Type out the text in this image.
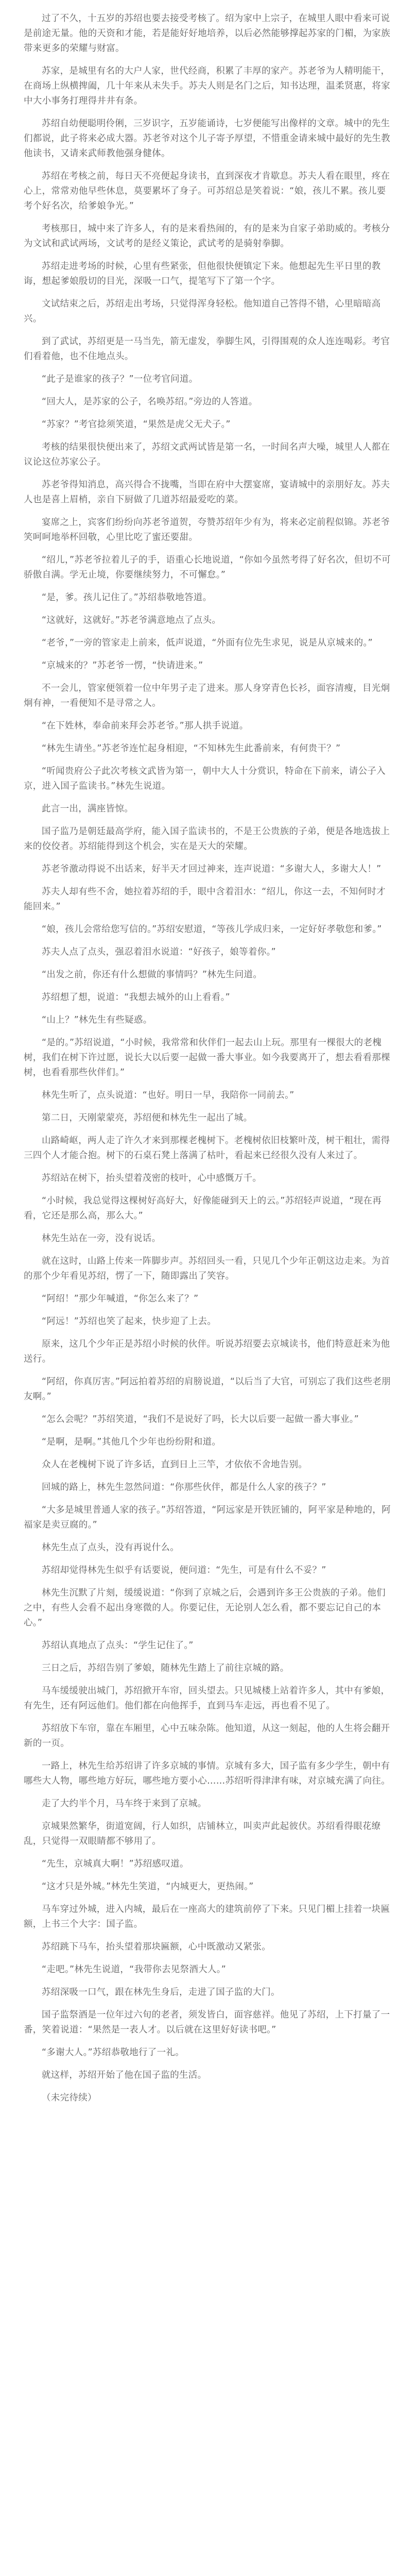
过了不久，十五岁的苏绍也要去接受考核了。绍为家中上宗子，在城里人眼中看来可说是前途无量。他的天资和才能，若是能好好地培养，以后必然能够撑起苏家的门楣，为家族带来更多的荣耀与财富。

苏家，是城里有名的大户人家，世代经商，积累了丰厚的家产。苏老爷为人精明能干，在商场上纵横捭阖，几十年来从未失手。苏夫人则是名门之后，知书达理，温柔贤惠，将家中大小事务打理得井井有条。

苏绍自幼便聪明伶俐，三岁识字，五岁能诵诗，七岁便能写出像样的文章。城中的先生们都说，此子将来必成大器。苏老爷对这个儿子寄予厚望，不惜重金请来城中最好的先生教他读书，又请来武师教他强身健体。

苏绍在考核之前，每日天不亮便起身读书，直到深夜才肯歇息。苏夫人看在眼里，疼在心上，常常劝他早些休息，莫要累坏了身子。可苏绍总是笑着说：“娘，孩儿不累。孩儿要考个好名次，给爹娘争光。”

考核那日，城中来了许多人，有的是来看热闹的，有的是来为自家子弟助威的。考核分为文试和武试两场，文试考的是经义策论，武试考的是骑射拳脚。

苏绍走进考场的时候，心里有些紧张，但他很快便镇定下来。他想起先生平日里的教诲，想起爹娘殷切的目光，深吸一口气，提笔写下了第一个字。

文试结束之后，苏绍走出考场，只觉得浑身轻松。他知道自己答得不错，心里暗暗高兴。

到了武试，苏绍更是一马当先，箭无虚发，拳脚生风，引得围观的众人连连喝彩。考官们看着他，也不住地点头。

“此子是谁家的孩子？”一位考官问道。

“回大人，是苏家的公子，名唤苏绍。”旁边的人答道。

“苏家？”考官捻须笑道，“果然是虎父无犬子。”

考核的结果很快便出来了，苏绍文武两试皆是第一名，一时间名声大噪，城里人人都在议论这位苏家公子。

苏老爷得知消息，高兴得合不拢嘴，当即在府中大摆宴席，宴请城中的亲朋好友。苏夫人也是喜上眉梢，亲自下厨做了几道苏绍最爱吃的菜。

宴席之上，宾客们纷纷向苏老爷道贺，夸赞苏绍年少有为，将来必定前程似锦。苏老爷笑呵呵地举杯回敬，心里比吃了蜜还要甜。

“绍儿，”苏老爷拉着儿子的手，语重心长地说道，“你如今虽然考得了好名次，但切不可骄傲自满。学无止境，你要继续努力，不可懈怠。”

“是，爹。孩儿记住了。”苏绍恭敬地答道。

“这就好，这就好。”苏老爷满意地点了点头。

“老爷，”一旁的管家走上前来，低声说道，“外面有位先生求见，说是从京城来的。”

“京城来的？”苏老爷一愣，“快请进来。”

不一会儿，管家便领着一位中年男子走了进来。那人身穿青色长衫，面容清瘦，目光炯炯有神，一看便知不是寻常之人。

“在下姓林，奉命前来拜会苏老爷。”那人拱手说道。

“林先生请坐。”苏老爷连忙起身相迎，“不知林先生此番前来，有何贵干？”

“听闻贵府公子此次考核文武皆为第一，朝中大人十分赏识，特命在下前来，请公子入京，进入国子监读书。”林先生说道。

此言一出，满座皆惊。

国子监乃是朝廷最高学府，能入国子监读书的，不是王公贵族的子弟，便是各地选拔上来的佼佼者。苏绍能得到这个机会，实在是天大的荣耀。

苏老爷激动得说不出话来，好半天才回过神来，连声说道：“多谢大人，多谢大人！”

苏夫人却有些不舍，她拉着苏绍的手，眼中含着泪水：“绍儿，你这一去，不知何时才能回来。”

“娘，孩儿会常给您写信的。”苏绍安慰道，“等孩儿学成归来，一定好好孝敬您和爹。”

苏夫人点了点头，强忍着泪水说道：“好孩子，娘等着你。”

“出发之前，你还有什么想做的事情吗？”林先生问道。

苏绍想了想，说道：“我想去城外的山上看看。”

“山上？”林先生有些疑惑。

“是的。”苏绍说道，“小时候，我常常和伙伴们一起去山上玩。那里有一棵很大的老槐树，我们在树下许过愿，说长大以后要一起做一番大事业。如今我要离开了，想去看看那棵树，也看看那些伙伴们。”

林先生听了，点头说道：“也好。明日一早，我陪你一同前去。”

第二日，天刚蒙蒙亮，苏绍便和林先生一起出了城。

山路崎岖，两人走了许久才来到那棵老槐树下。老槐树依旧枝繁叶茂，树干粗壮，需得三四个人才能合抱。树下的石桌石凳上落满了枯叶，看起来已经很久没有人来过了。

苏绍站在树下，抬头望着茂密的枝叶，心中感慨万千。

“小时候，我总觉得这棵树好高好大，好像能碰到天上的云。”苏绍轻声说道，“现在再看，它还是那么高，那么大。”

林先生站在一旁，没有说话。

就在这时，山路上传来一阵脚步声。苏绍回头一看，只见几个少年正朝这边走来。为首的那个少年看见苏绍，愣了一下，随即露出了笑容。

“阿绍！”那少年喊道，“你怎么来了？”

“阿远！”苏绍也笑了起来，快步迎了上去。

原来，这几个少年正是苏绍小时候的伙伴。听说苏绍要去京城读书，他们特意赶来为他送行。

“阿绍，你真厉害。”阿远拍着苏绍的肩膀说道，“以后当了大官，可别忘了我们这些老朋友啊。”

“怎么会呢？”苏绍笑道，“我们不是说好了吗，长大以后要一起做一番大事业。”

“是啊，是啊。”其他几个少年也纷纷附和道。

众人在老槐树下说了许多话，直到日上三竿，才依依不舍地告别。

回城的路上，林先生忽然问道：“你那些伙伴，都是什么人家的孩子？”

“大多是城里普通人家的孩子。”苏绍答道，“阿远家是开铁匠铺的，阿平家是种地的，阿福家是卖豆腐的。”

林先生点了点头，没有再说什么。

苏绍却觉得林先生似乎有话要说，便问道：“先生，可是有什么不妥？”

林先生沉默了片刻，缓缓说道：“你到了京城之后，会遇到许多王公贵族的子弟。他们之中，有些人会看不起出身寒微的人。你要记住，无论别人怎么看，都不要忘记自己的本心。”

苏绍认真地点了点头：“学生记住了。”

三日之后，苏绍告别了爹娘，随林先生踏上了前往京城的路。

马车缓缓驶出城门，苏绍掀开车帘，回头望去。只见城楼上站着许多人，其中有爹娘，有先生，还有阿远他们。他们都在向他挥手，直到马车走远，再也看不见了。

苏绍放下车帘，靠在车厢里，心中五味杂陈。他知道，从这一刻起，他的人生将会翻开新的一页。

一路上，林先生给苏绍讲了许多京城的事情。京城有多大，国子监有多少学生，朝中有哪些大人物，哪些地方好玩，哪些地方要小心……苏绍听得津津有味，对京城充满了向往。

走了大约半个月，马车终于来到了京城。

京城果然繁华，街道宽阔，行人如织，店铺林立，叫卖声此起彼伏。苏绍看得眼花缭乱，只觉得一双眼睛都不够用了。

“先生，京城真大啊！”苏绍感叹道。

“这才只是外城。”林先生笑道，“内城更大，更热闹。”

马车穿过外城，进入内城，最后在一座高大的建筑前停了下来。只见门楣上挂着一块匾额，上书三个大字：国子监。

苏绍跳下马车，抬头望着那块匾额，心中既激动又紧张。

“走吧。”林先生说道，“我带你去见祭酒大人。”

苏绍深吸一口气，跟在林先生身后，走进了国子监的大门。

国子监祭酒是一位年过六旬的老者，须发皆白，面容慈祥。他见了苏绍，上下打量了一番，笑着说道：“果然是一表人才。以后就在这里好好读书吧。”

“多谢大人。”苏绍恭敬地行了一礼。

就这样，苏绍开始了他在国子监的生活。

（未完待续）
